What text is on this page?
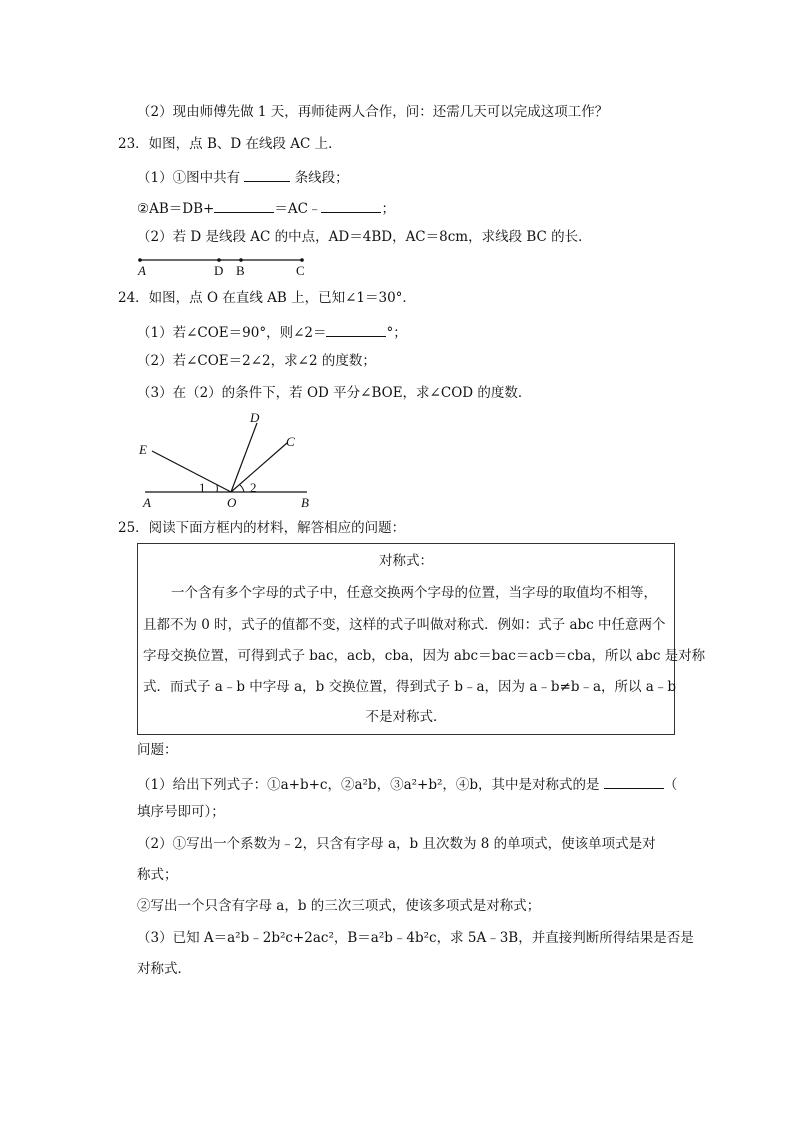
（2）现由师傅先做 1 天，再师徒两人合作，问：还需几天可以完成这项工作？
23．如图，点 B、D 在线段 AC 上．
（1）①图中共有	条线段；
②AB＝DB+	＝AC﹣	；
（2）若 D 是线段 AC 的中点，AD＝4BD，AC＝8cm，求线段 BC 的长．
A	D B	C
24．如图，点 O 在直线 AB 上，已知∠1＝30°．
（1）若∠COE＝90°，则∠2＝	°；
（2）若∠COE＝2∠2，求∠2 的度数；
（3）在（2）的条件下，若 OD 平分∠BOE，求∠COD 的度数．
E
D
C
A	O	B
1	2
25．阅读下面方框内的材料，解答相应的问题：
对称式：
一个含有多个字母的式子中，任意交换两个字母的位置，当字母的取值均不相等，
且都不为 0 时，式子的值都不变，这样的式子叫做对称式．例如：式子 abc 中任意两个
字母交换位置，可得到式子 bac，acb，cba，因为 abc＝bac＝acb＝cba，所以 abc 是对称
式．而式子 a﹣b 中字母 a，b 交换位置，得到式子 b﹣a，因为 a﹣b≠b﹣a，所以 a﹣b
不是对称式．
问题：
（1）给出下列式子：①a+b+c，②a²b，③a²+b²，④b，其中是对称式的是	（
填序号即可）；
（2）①写出一个系数为﹣2，只含有字母 a，b 且次数为 8 的单项式，使该单项式是对
称式；
②写出一个只含有字母 a，b 的三次三项式，使该多项式是对称式；
（3）已知 A＝a²b﹣2b²c+2ac²，B＝a²b﹣4b²c，求 5A﹣3B，并直接判断所得结果是否是
对称式．
